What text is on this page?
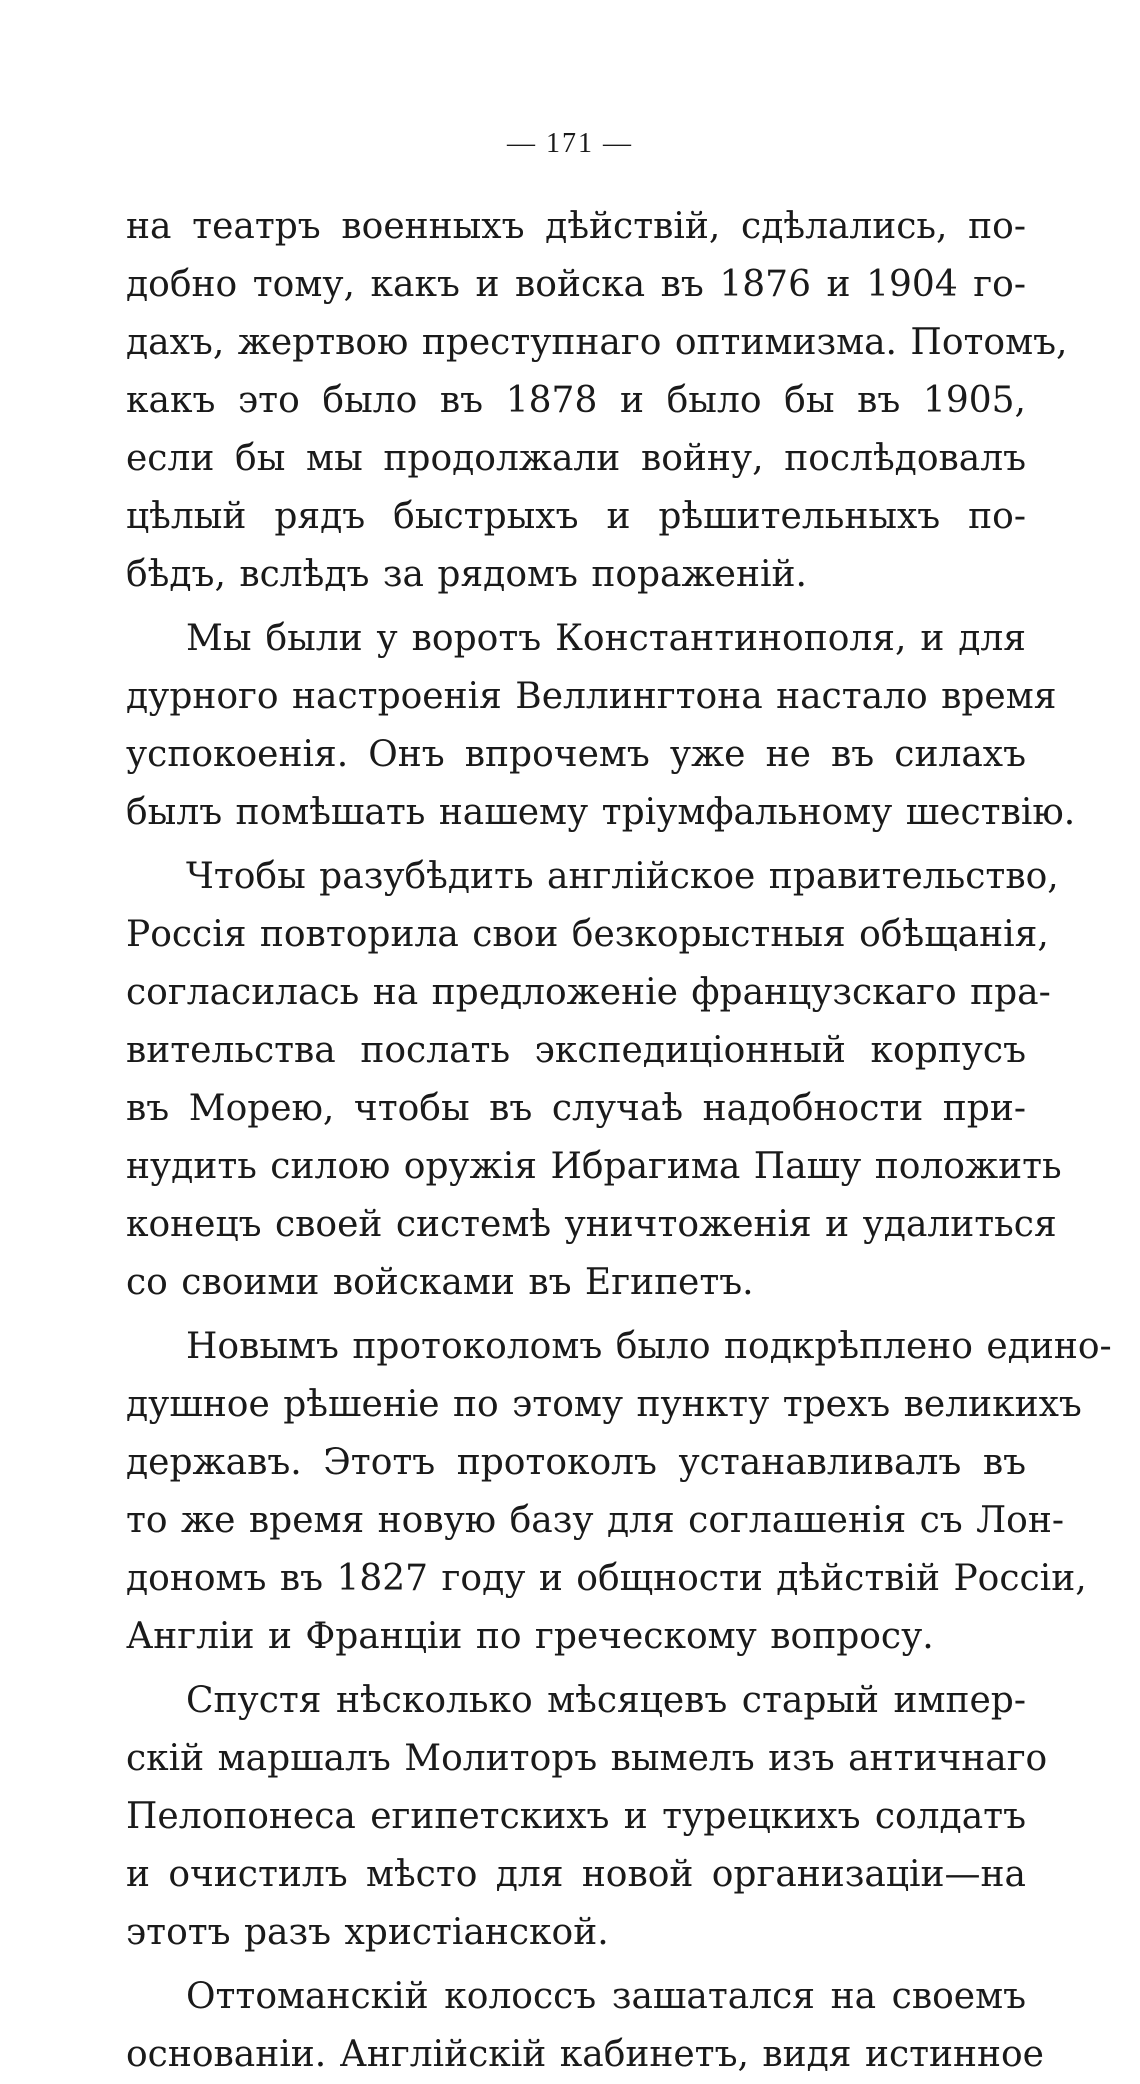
— 171 —
на театръ военныхъ дѣйствій, сдѣлались, по-
добно тому, какъ и войска въ 1876 и 1904 го-
дахъ, жертвою преступнаго оптимизма. Потомъ,
какъ это было въ 1878 и было бы въ 1905,
если бы мы продолжали войну, послѣдовалъ
цѣлый рядъ быстрыхъ и рѣшительныхъ по-
бѣдъ, вслѣдъ за рядомъ пораженій.
Мы были у воротъ Константинополя, и для
дурного настроенія Веллингтона настало время
успокоенія. Онъ впрочемъ уже не въ силахъ
былъ помѣшать нашему тріумфальному шествію.
Чтобы разубѣдить англійское правительство,
Россія повторила свои безкорыстныя обѣщанія,
согласилась на предложеніе французскаго пра-
вительства послать экспедиціонный корпусъ
въ Морею, чтобы въ случаѣ надобности при-
нудить силою оружія Ибрагима Пашу положить
конецъ своей системѣ уничтоженія и удалиться
со своими войсками въ Египетъ.
Новымъ протоколомъ было подкрѣплено едино-
душное рѣшеніе по этому пункту трехъ великихъ
державъ. Этотъ протоколъ устанавливалъ въ
то же время новую базу для соглашенія съ Лон-
дономъ въ 1827 году и общности дѣйствій Россіи,
Англіи и Франціи по греческому вопросу.
Спустя нѣсколько мѣсяцевъ старый импер-
скій маршалъ Молиторъ вымелъ изъ античнаго
Пелопонеса египетскихъ и турецкихъ солдатъ
и очистилъ мѣсто для новой организаціи—на
этотъ разъ христіанской.
Оттоманскій колоссъ зашатался на своемъ
основаніи. Англійскій кабинетъ, видя истинное
